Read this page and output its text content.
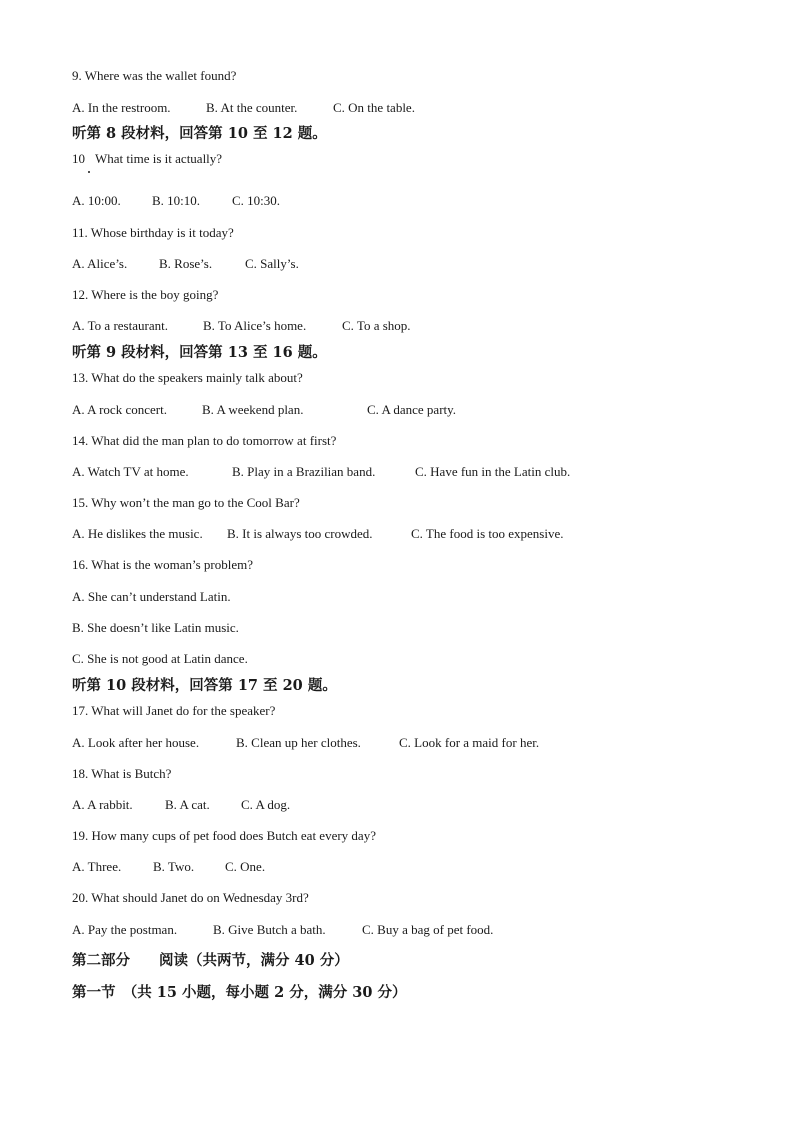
9. Where was the wallet found?
A. In the restroom.	B. At the counter.	C. On the table.
听第 8 段材料，回答第 10 至 12 题。
10 What time is it actually?
A. 10:00. B. 10:10. C. 10:30.
11. Whose birthday is it today?
A. Alice’s. B. Rose’s.	C. Sally’s.
12. Where is the boy going?
A. To a restaurant.	B. To Alice’s home.	C. To a shop.
听第 9 段材料，回答第 13 至 16 题。
13. What do the speakers mainly talk about?
A. A rock concert.	B. A weekend plan.	C. A dance party.
14. What did the man plan to do tomorrow at first?
A. Watch TV at home.	B. Play in a Brazilian band.	C. Have fun in the Latin club.
15. Why won’t the man go to the Cool Bar?
A. He dislikes the music. B. It is always too crowded.	C. The food is too expensive.
16. What is the woman’s problem?
A. She can’t understand Latin.
B. She doesn’t like Latin music.
C. She is not good at Latin dance.
听第 10 段材料，回答第 17 至 20 题。
17. What will Janet do for the speaker?
A. Look after her house.	B. Clean up her clothes.	C. Look for a maid for her.
18. What is Butch?
A. A rabbit. B. A cat. C. A dog.
19. How many cups of pet food does Butch eat every day?
A. Three. B. Two. C. One.
20. What should Janet do on Wednesday 3rd?
A. Pay the postman.	B. Give Butch a bath.	C. Buy a bag of pet food.
第二部分　　阅读（共两节，满分 40 分）
第一节　（共 15 小题，每小题 2 分，满分 30 分）
